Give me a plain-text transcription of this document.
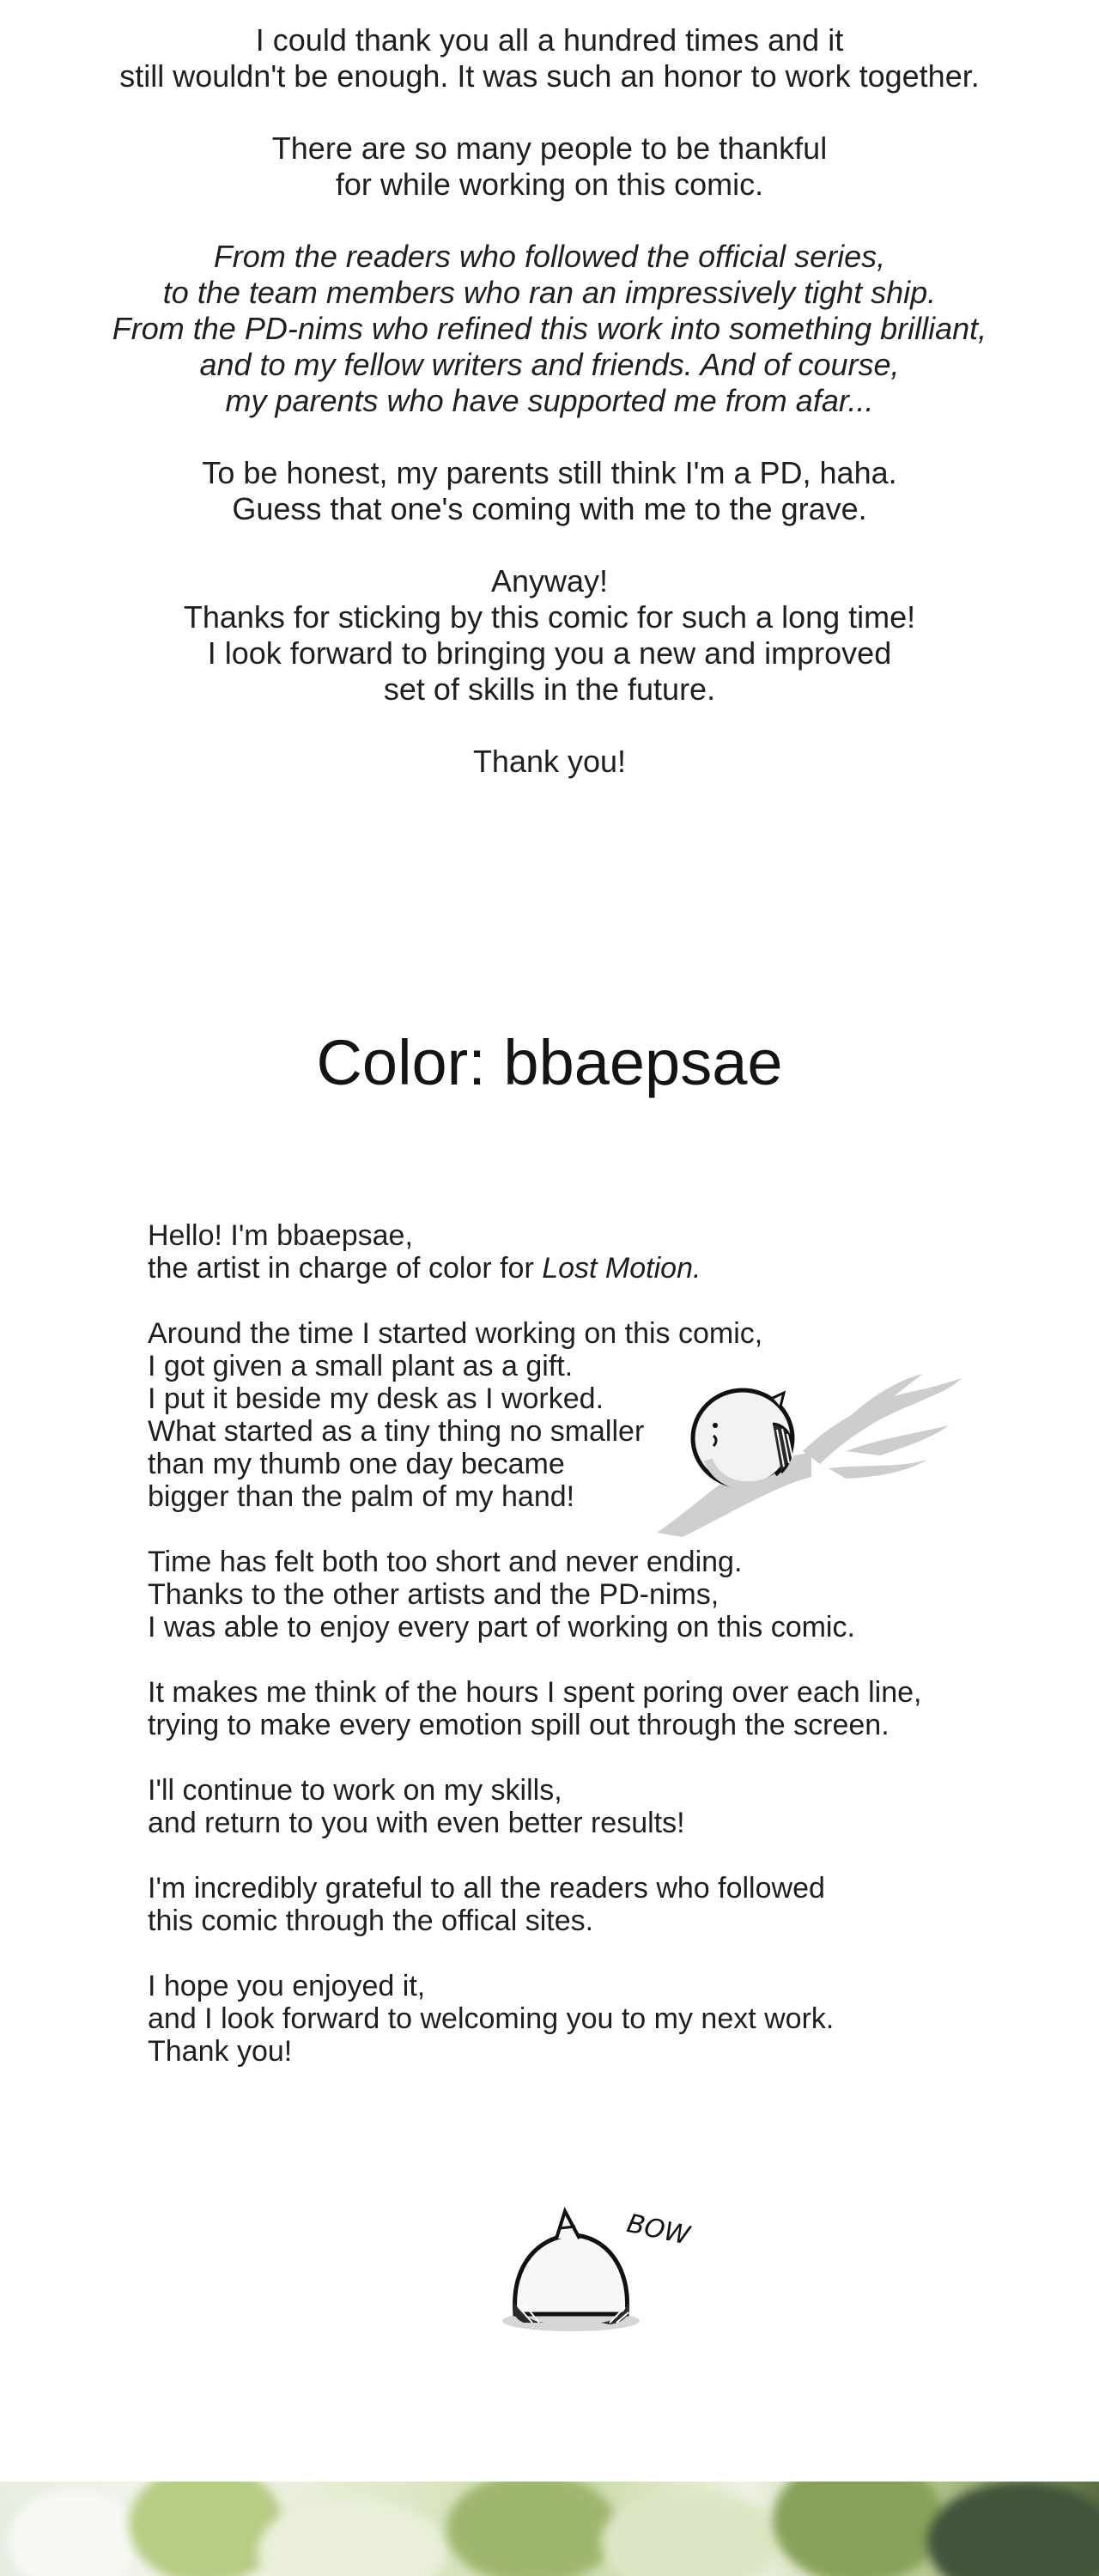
I could thank you all a hundred times and it
still wouldn't be enough. It was such an honor to work together.
There are so many people to be thankful
for while working on this comic.
From the readers who followed the official series,
to the team members who ran an impressively tight ship.
From the PD-nims who refined this work into something brilliant,
and to my fellow writers and friends. And of course,
my parents who have supported me from afar...
To be honest, my parents still think I'm a PD, haha.
Guess that one's coming with me to the grave.
Anyway!
Thanks for sticking by this comic for such a long time!
I look forward to bringing you a new and improved
set of skills in the future.
Thank you!
Color: bbaepsae
Hello! I'm bbaepsae,
the artist in charge of color for Lost Motion.
Around the time I started working on this comic,
I got given a small plant as a gift.
I put it beside my desk as I worked.
What started as a tiny thing no smaller
than my thumb one day became
bigger than the palm of my hand!
Time has felt both too short and never ending.
Thanks to the other artists and the PD-nims,
I was able to enjoy every part of working on this comic.
It makes me think of the hours I spent poring over each line,
trying to make every emotion spill out through the screen.
I'll continue to work on my skills,
and return to you with even better results!
I'm incredibly grateful to all the readers who followed
this comic through the offical sites.
I hope you enjoyed it,
and I look forward to welcoming you to my next work.
Thank you!
BOW
